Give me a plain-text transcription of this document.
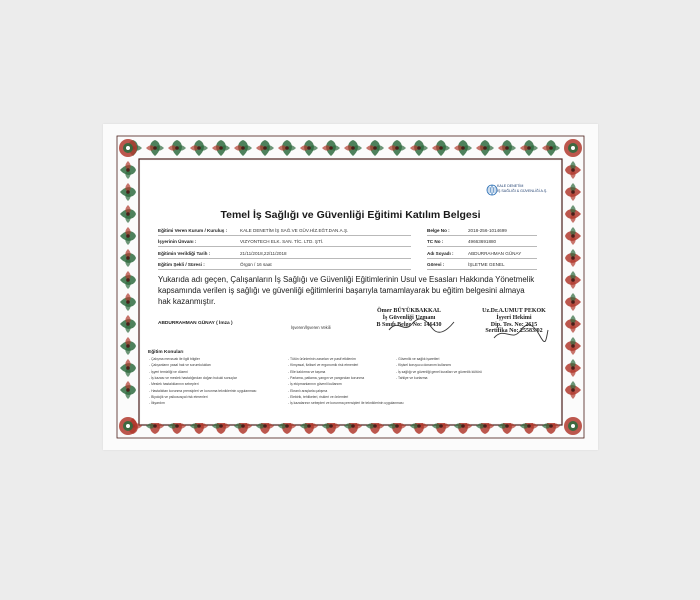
KALE DENETİM
İŞ SAĞLIĞI & GÜVENLİĞİ A.Ş.
Temel İş Sağlığı ve Güvenliği Eğitimi Katılım Belgesi
Eğitimi Veren Kurum / Kuruluş :	KALE DENETİM İŞ SAĞ.VE GÜV.HİZ.EĞT.DAN.A.Ş.
İşyerinin Ünvanı :	VIZYONTECH ELK. SAN. TİC. LTD. ŞTİ.
Eğitimin Verildiği Tarih :	21/11/2018,22/11/2018
Eğitim Şekli / Süresi :	Örgün / 16 saat
Belge No :	2018-256-1014699
TC No :	49663691880
Adı Soyadı :	ABDURRAHMAN GÜNAY
Görevi :	İŞLETME GENEL
Yukarıda adı geçen, Çalışanların İş Sağlığı ve Güvenliği Eğitimlerinin Usul ve Esasları Hakkında Yönetmelik kapsamında verilen iş sağlığı ve güvenliği eğitimlerini başarıyla tamamlayarak bu eğitim belgesini almaya hak kazanmıştır.
ABDURRAHMAN GÜNAY ( İmza )
İşveren/İşveren Vekili
Ömer BÜYÜKBAKKAL
İş Güvenliği Uzmanı
B Sınıfı Belge No: 146430
Uz.Dr.A.UMUT PEKOK
İşyeri Hekimi
Dip. Tes. No: 2615
Sertifika No: 25583/02
Eğitim Konuları
- Çalışma mevzuatı ile ilgili bilgiler
- Çalışanların yasal hak ve sorumlulukları
- İşyeri temizliği ve düzeni
- İş kazası ve meslek hastalığından doğan hukuki sonuçlar
- Meslek hastalıklarının sebepleri
- Hastalıktan korunma prensipleri ve korunma tekniklerinin uygulanması
- Biyolojik ve psikososyal risk etmenleri
- İlkyardım
- Tütün ürünlerinin zararları ve pasif etkilenim
- Kimyasal, fiziksel ve ergonomik risk etmenleri
- Elle kaldırma ve taşıma
- Parlama, patlama, yangın ve yangından korunma
- İş ekipmanlarının güvenli kullanımı
- Ekranlı araçlarla çalışma
- Elektrik, tehlikeleri, riskleri ve önlemleri
- İş kazalarının sebepleri ve korunma prensipleri ile tekniklerinin uygulanması
- Güvenlik ve sağlık işaretleri
- Kişisel koruyucu donanım kullanımı
- İş sağlığı ve güvenliği genel kuralları ve güvenlik kültürü
- Tahliye ve kurtarma
